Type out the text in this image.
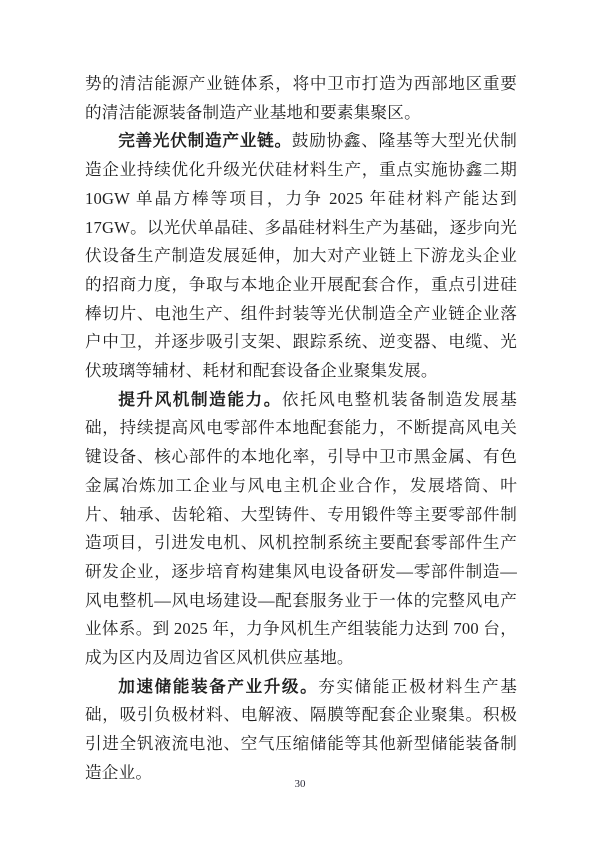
势的清洁能源产业链体系，将中卫市打造为西部地区重要的清洁能源装备制造产业基地和要素集聚区。

完善光伏制造产业链。鼓励协鑫、隆基等大型光伏制造企业持续优化升级光伏硅材料生产，重点实施协鑫二期 10GW 单晶方棒等项目，力争 2025 年硅材料产能达到 17GW。以光伏单晶硅、多晶硅材料生产为基础，逐步向光伏设备生产制造发展延伸，加大对产业链上下游龙头企业的招商力度，争取与本地企业开展配套合作，重点引进硅棒切片、电池生产、组件封装等光伏制造全产业链企业落户中卫，并逐步吸引支架、跟踪系统、逆变器、电缆、光伏玻璃等辅材、耗材和配套设备企业聚集发展。

提升风机制造能力。依托风电整机装备制造发展基础，持续提高风电零部件本地配套能力，不断提高风电关键设备、核心部件的本地化率，引导中卫市黑金属、有色金属冶炼加工企业与风电主机企业合作，发展塔筒、叶片、轴承、齿轮箱、大型铸件、专用锻件等主要零部件制造项目，引进发电机、风机控制系统主要配套零部件生产研发企业，逐步培育构建集风电设备研发—零部件制造—风电整机—风电场建设—配套服务业于一体的完整风电产业体系。到 2025 年，力争风机生产组装能力达到 700 台，成为区内及周边省区风机供应基地。

加速储能装备产业升级。夯实储能正极材料生产基础，吸引负极材料、电解液、隔膜等配套企业聚集。积极引进全钒液流电池、空气压缩储能等其他新型储能装备制造企业。

30
